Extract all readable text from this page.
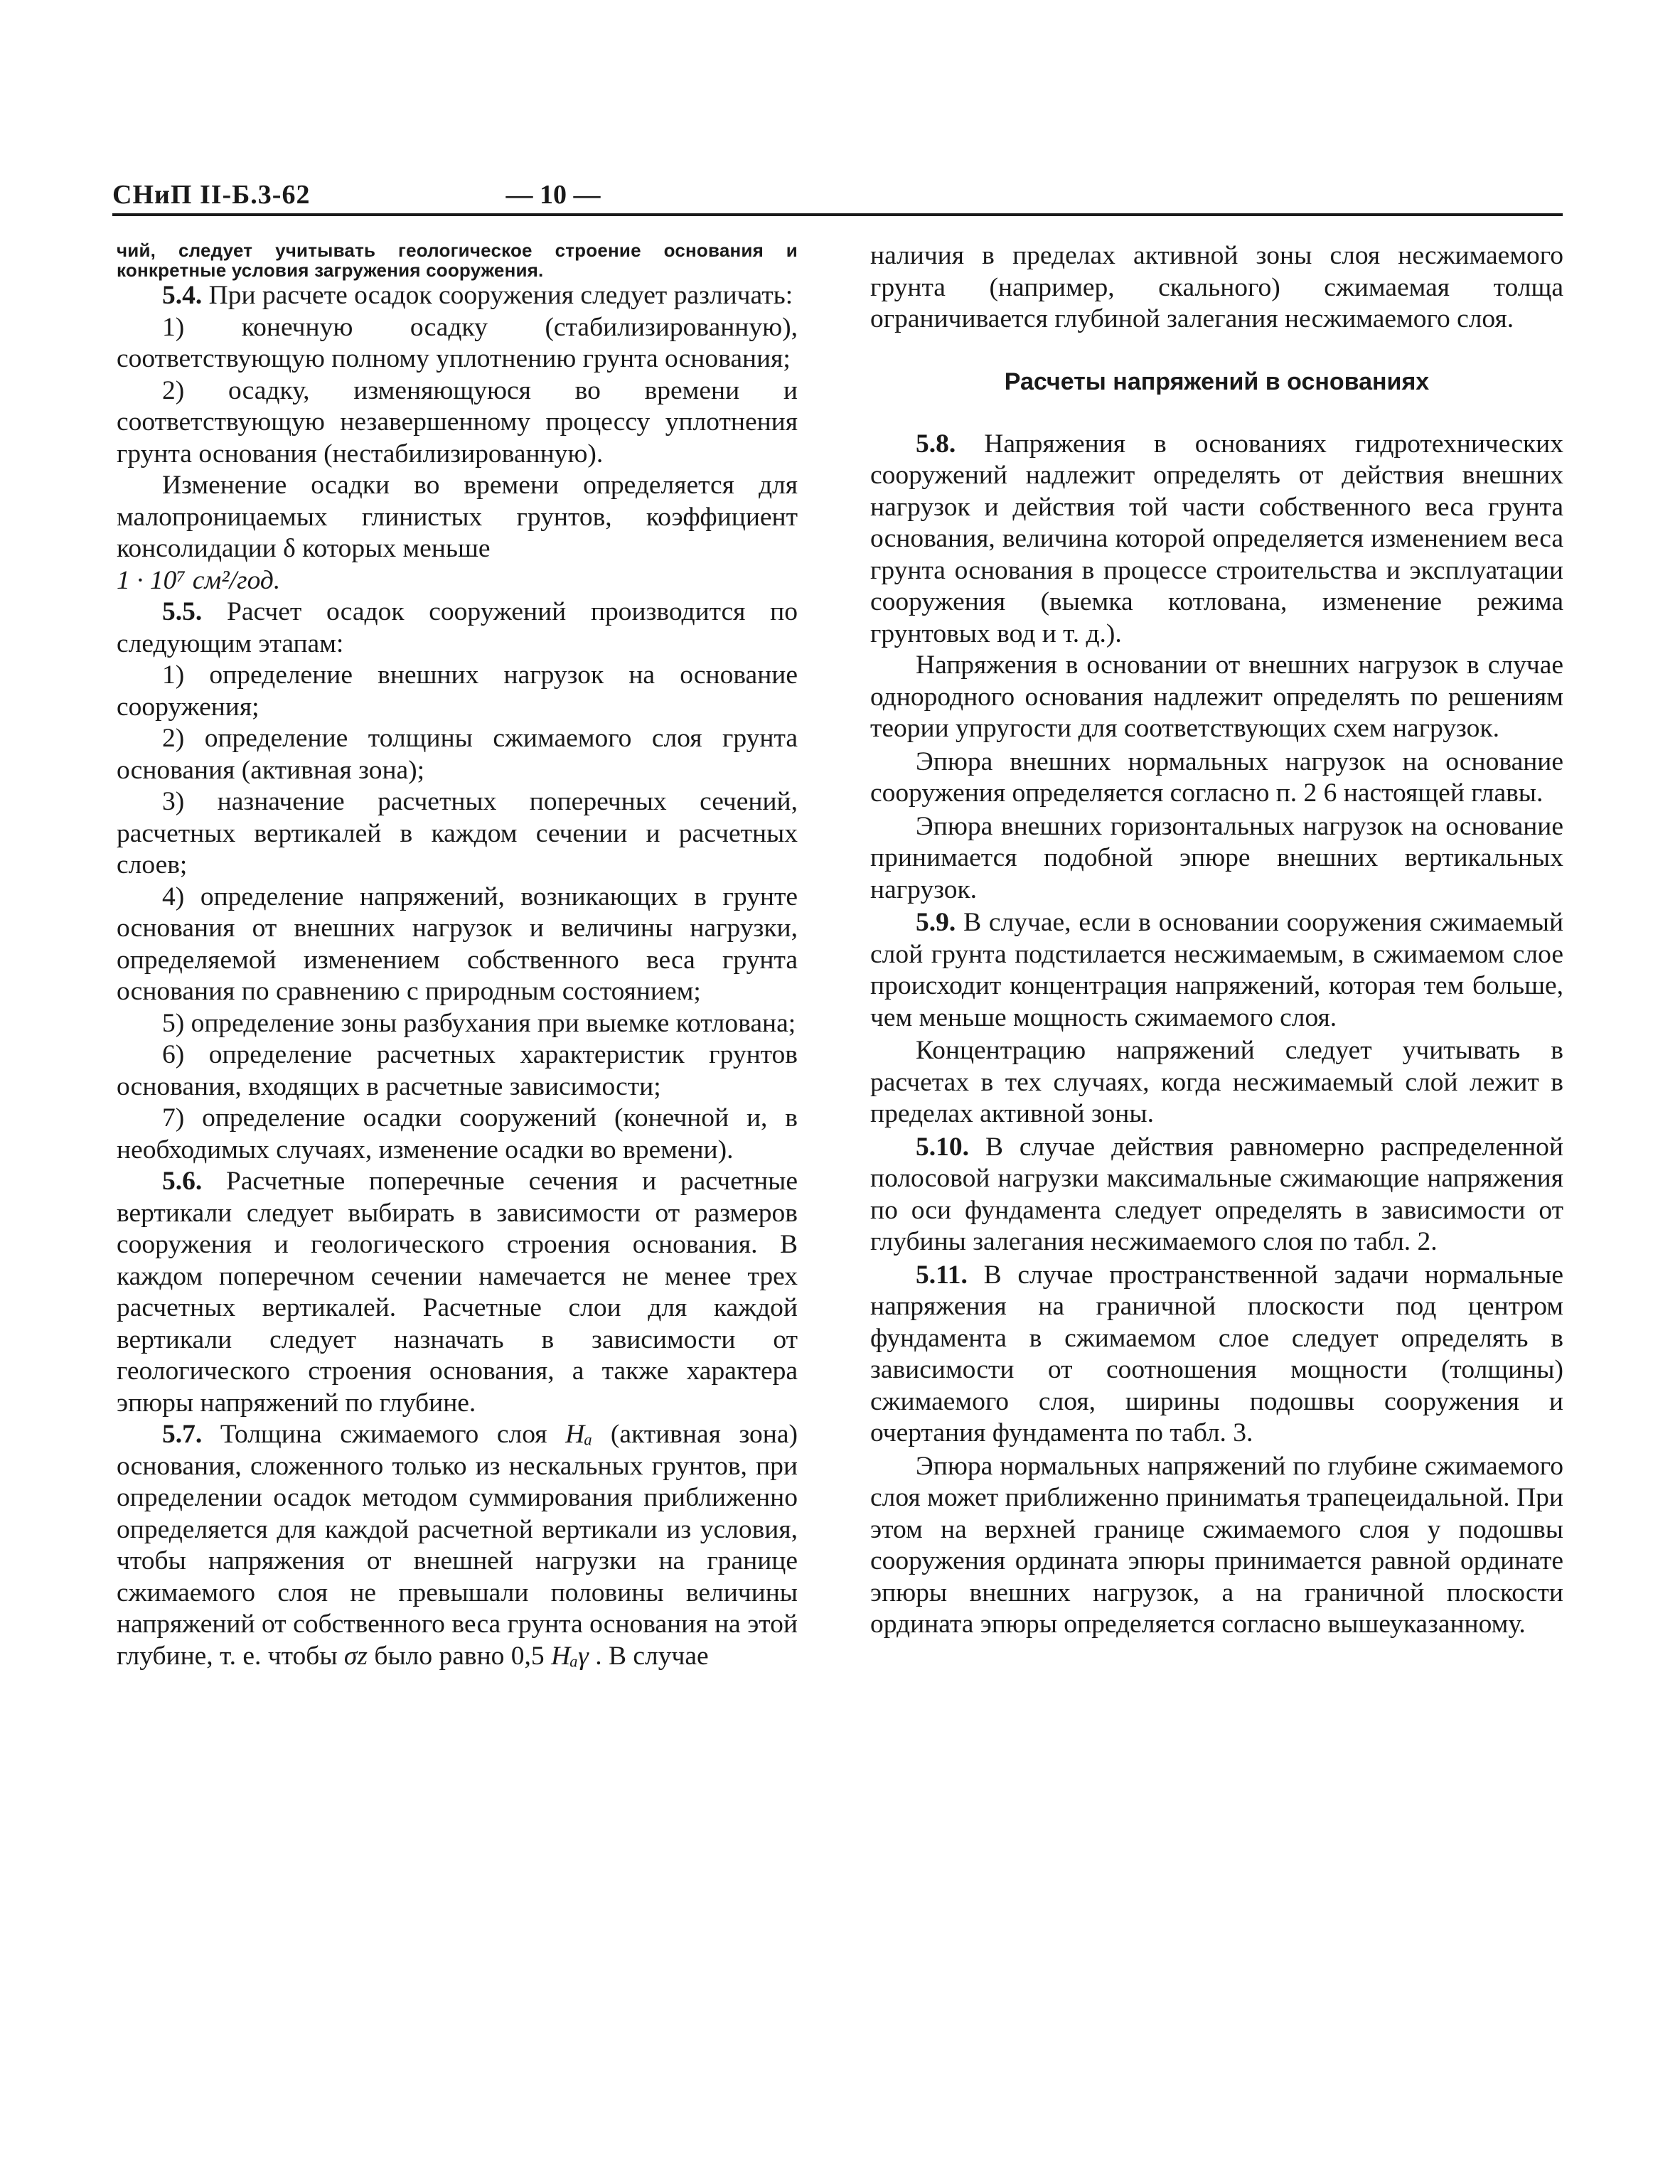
СНиП II-Б.3-62	— 10 —

чий, следует учитывать геологическое строение основания и конкретные условия загружения сооружения.

5.4. При расчете осадок сооружения следует различать:

1) конечную осадку (стабилизированную), соответствующую полному уплотнению грунта основания;

2) осадку, изменяющуюся во времени и соответствующую незавершенному процессу уплотнения грунта основания (нестабилизированную).

Изменение осадки во времени определяется для малопроницаемых глинистых грунтов, коэффициент консолидации δ которых меньше

1 · 10⁷ см²/год.

5.5. Расчет осадок сооружений производится по следующим этапам:

1) определение внешних нагрузок на основание сооружения;

2) определение толщины сжимаемого слоя грунта основания (активная зона);

3) назначение расчетных поперечных сечений, расчетных вертикалей в каждом сечении и расчетных слоев;

4) определение напряжений, возникающих в грунте основания от внешних нагрузок и величины нагрузки, определяемой изменением собственного веса грунта основания по сравнению с природным состоянием;

5) определение зоны разбухания при выемке котлована;

6) определение расчетных характеристик грунтов основания, входящих в расчетные зависимости;

7) определение осадки сооружений (конечной и, в необходимых случаях, изменение осадки во времени).

5.6. Расчетные поперечные сечения и расчетные вертикали следует выбирать в зависимости от размеров сооружения и геологического строения основания. В каждом поперечном сечении намечается не менее трех расчетных вертикалей. Расчетные слои для каждой вертикали следует назначать в зависимости от геологического строения основания, а также характера эпюры напряжений по глубине.

5.7. Толщина сжимаемого слоя Hₐ (активная зона) основания, сложенного только из нескальных грунтов, при определении осадок методом суммирования приближенно определяется для каждой расчетной вертикали из условия, чтобы напряжения от внешней нагрузки на границе сжимаемого слоя не превышали половины величины напряжений от собственного веса грунта основания на этой глубине, т. е. чтобы σz было равно 0,5 Hₐγ . В случае

наличия в пределах активной зоны слоя несжимаемого грунта (например, скального) сжимаемая толща ограничивается глубиной залегания несжимаемого слоя.

Расчеты напряжений в основаниях

5.8. Напряжения в основаниях гидротехнических сооружений надлежит определять от действия внешних нагрузок и действия той части собственного веса грунта основания, величина которой определяется изменением веса грунта основания в процессе строительства и эксплуатации сооружения (выемка котлована, изменение режима грунтовых вод и т. д.).

Напряжения в основании от внешних нагрузок в случае однородного основания надлежит определять по решениям теории упругости для соответствующих схем нагрузок.

Эпюра внешних нормальных нагрузок на основание сооружения определяется согласно п. 2 6 настоящей главы.

Эпюра внешних горизонтальных нагрузок на основание принимается подобной эпюре внешних вертикальных нагрузок.

5.9. В случае, если в основании сооружения сжимаемый слой грунта подстилается несжимаемым, в сжимаемом слое происходит концентрация напряжений, которая тем больше, чем меньше мощность сжимаемого слоя.

Концентрацию напряжений следует учитывать в расчетах в тех случаях, когда несжимаемый слой лежит в пределах активной зоны.

5.10. В случае действия равномерно распределенной полосовой нагрузки максимальные сжимающие напряжения по оси фундамента следует определять в зависимости от глубины залегания несжимаемого слоя по табл. 2.

5.11. В случае пространственной задачи нормальные напряжения на граничной плоскости под центром фундамента в сжимаемом слое следует определять в зависимости от соотношения мощности (толщины) сжимаемого слоя, ширины подошвы сооружения и очертания фундамента по табл. 3.

Эпюра нормальных напряжений по глубине сжимаемого слоя может приближенно приниматья трапецеидальной. При этом на верхней границе сжимаемого слоя у подошвы сооружения ордината эпюры принимается равной ординате эпюры внешних нагрузок, а на граничной плоскости ордината эпюры определяется согласно вышеуказанному.
